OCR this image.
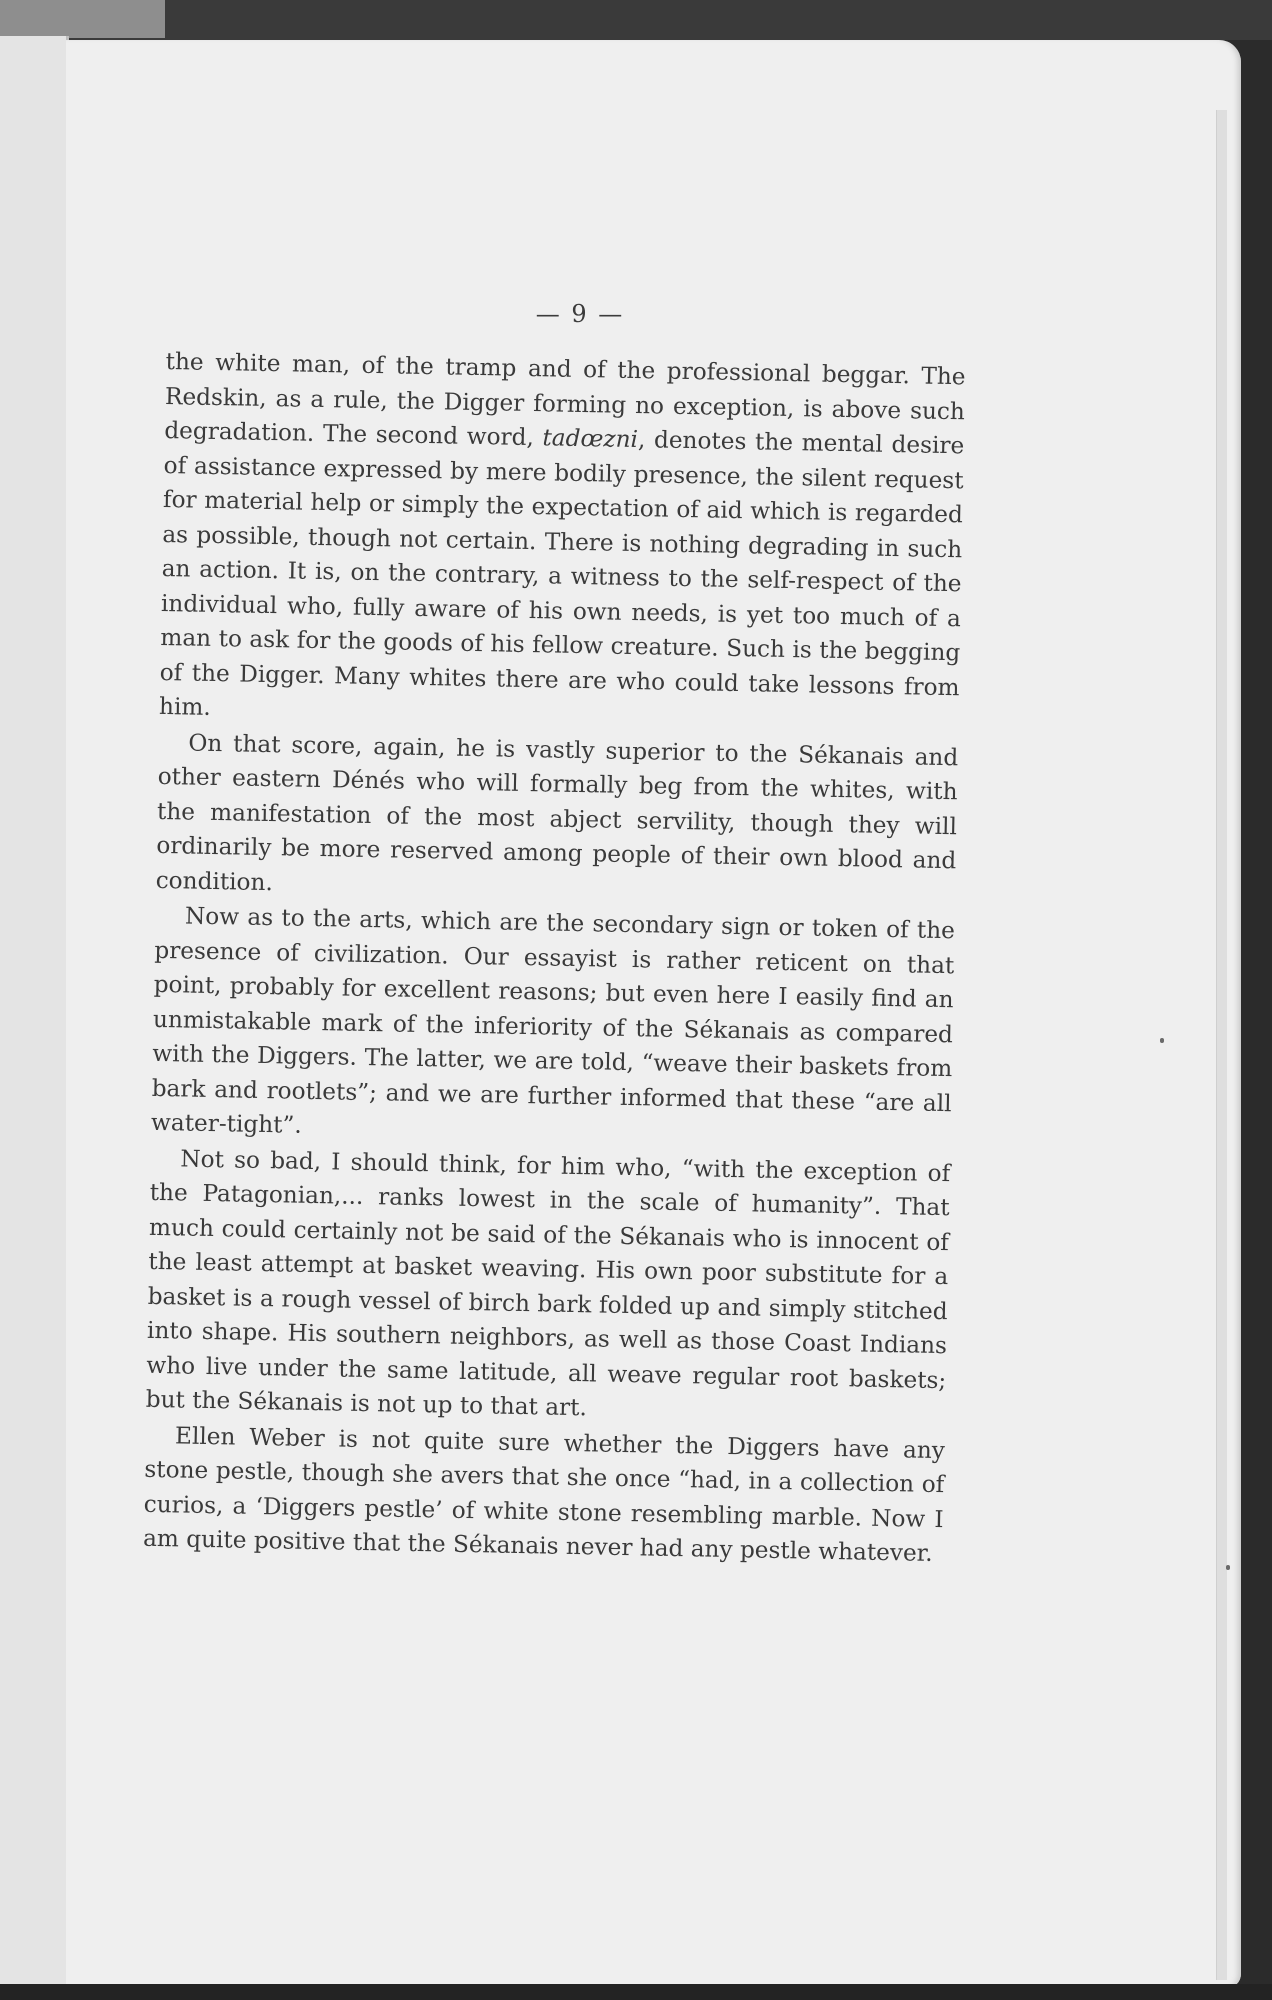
— 9 —

the white man, of the tramp and of the professional beggar. The Redskin, as a rule, the Digger forming no exception, is above such degradation. The second word, tadœzni, denotes the mental desire of assistance expressed by mere bodily presence, the silent request for material help or simply the expectation of aid which is regarded as possible, though not certain. There is nothing degrading in such an action. It is, on the contrary, a witness to the self-respect of the individual who, fully aware of his own needs, is yet too much of a man to ask for the goods of his fellow creature. Such is the begging of the Digger. Many whites there are who could take lessons from him.

On that score, again, he is vastly superior to the Sékanais and other eastern Dénés who will formally beg from the whites, with the manifestation of the most abject servility, though they will ordinarily be more reserved among people of their own blood and condition.

Now as to the arts, which are the secondary sign or token of the presence of civilization. Our essayist is rather reticent on that point, probably for excellent reasons; but even here I easily find an unmistakable mark of the inferiority of the Sékanais as compared with the Diggers. The latter, we are told, “weave their baskets from bark and rootlets”; and we are further informed that these “are all water-tight”.

Not so bad, I should think, for him who, “with the exception of the Patagonian,... ranks lowest in the scale of humanity”. That much could certainly not be said of the Sékanais who is innocent of the least attempt at basket weaving. His own poor substitute for a basket is a rough vessel of birch bark folded up and simply stitched into shape. His southern neighbors, as well as those Coast Indians who live under the same latitude, all weave regular root baskets; but the Sékanais is not up to that art.

Ellen Weber is not quite sure whether the Diggers have any stone pestle, though she avers that she once “had, in a collection of curios, a ‘Diggers pestle’ of white stone resembling marble. Now I am quite positive that the Sékanais never had any pestle whatever.
